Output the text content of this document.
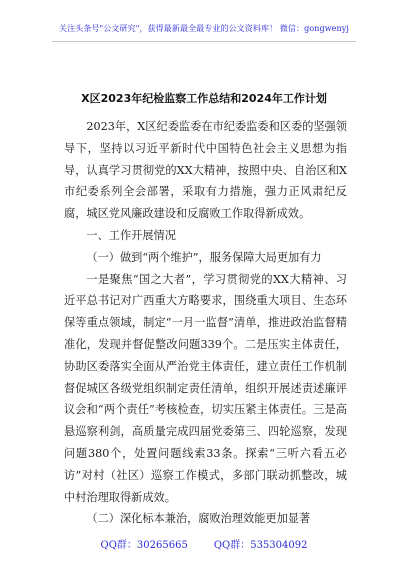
关注头条号"公文研究"，获得最新最全最专业的公文资料库！ 微信：gongwenyj
X区2023年纪检监察工作总结和2024年工作计划

2023年，X区纪委监委在市纪委监委和区委的坚强领导下，坚持以习近平新时代中国特色社会主义思想为指导，认真学习贯彻党的XX大精神，按照中央、自治区和X市纪委系列全会部署，采取有力措施，强力正风肃纪反腐，城区党风廉政建设和反腐败工作取得新成效。

一、工作开展情况

（一）做到“两个维护”，服务保障大局更加有力

一是聚焦“国之大者”，学习贯彻党的XX大精神、习近平总书记对广西重大方略要求，围绕重大项目、生态环保等重点领域，制定“一月一监督”清单，推进政治监督精准化，发现并督促整改问题339个。二是压实主体责任，协助区委落实全面从严治党主体责任，建立责任工作机制督促城区各级党组织制定责任清单，组织开展述责述廉评议会和“两个责任”考核检查，切实压紧主体责任。三是高悬巡察利剑，高质量完成四届党委第三、四轮巡察，发现问题380个，处置问题线索33条。探索“三听六看五必访”对村（社区）巡察工作模式，多部门联动抓整改，城中村治理取得新成效。

（二）深化标本兼治，腐败治理效能更加显著

QQ群：30265665	QQ群：535304092
